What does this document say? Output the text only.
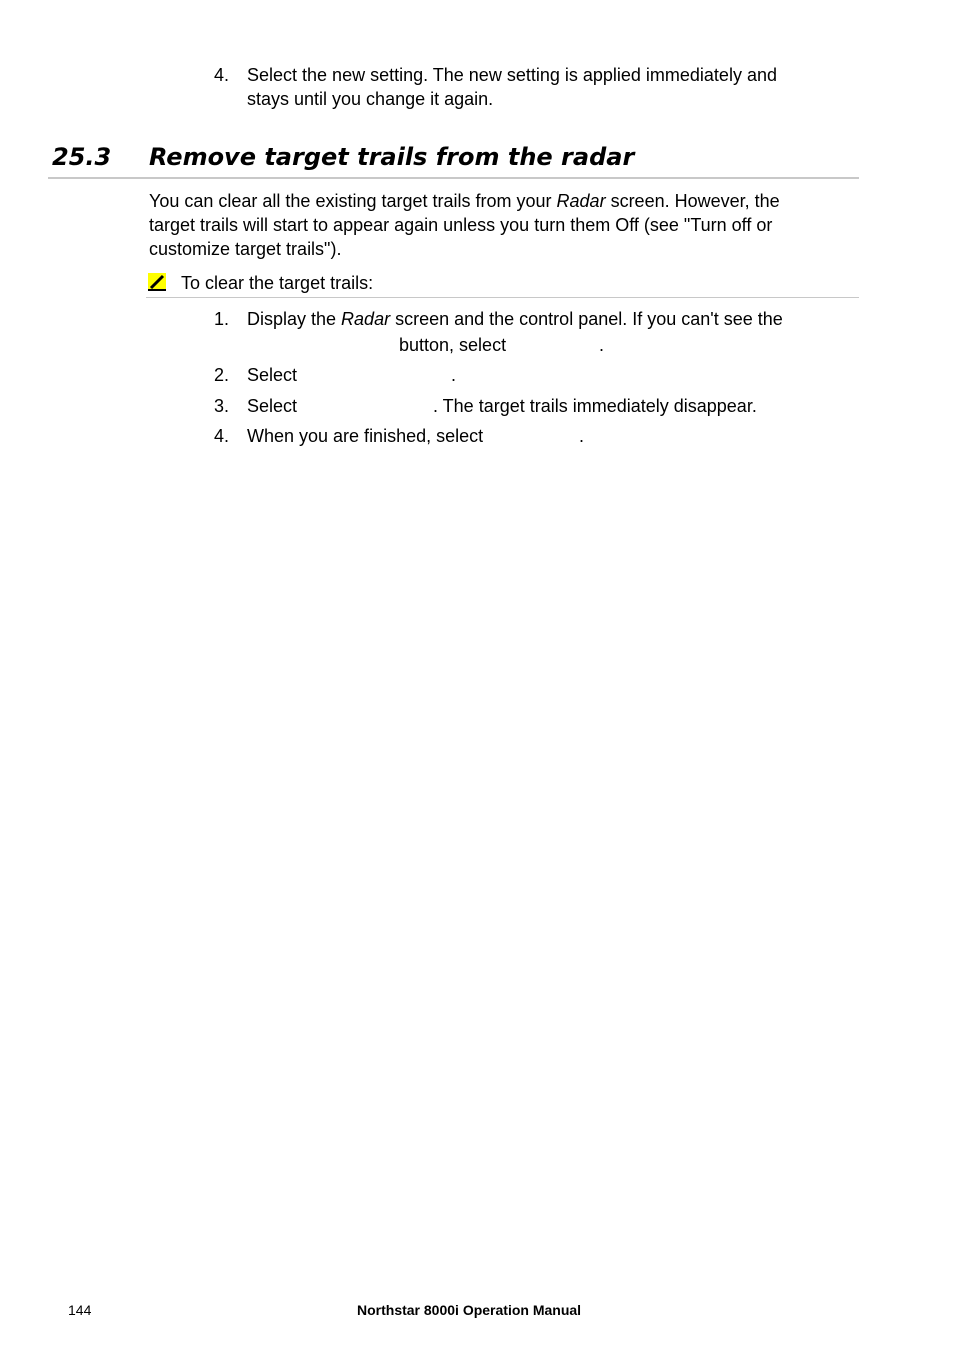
4. Select the new setting. The new setting is applied immediately and
stays until you change it again.
25.3 Remove target trails from the radar
You can clear all the existing target trails from your Radar screen. However, the
target trails will start to appear again unless you turn them Off (see "Turn off or
customize target trails").
To clear the target trails:
1. Display the Radar screen and the control panel. If you can't see the
button, select	.
2. Select	.
3. Select	. The target trails immediately disappear.
4. When you are finished, select	.
144	Northstar 8000i Operation Manual
